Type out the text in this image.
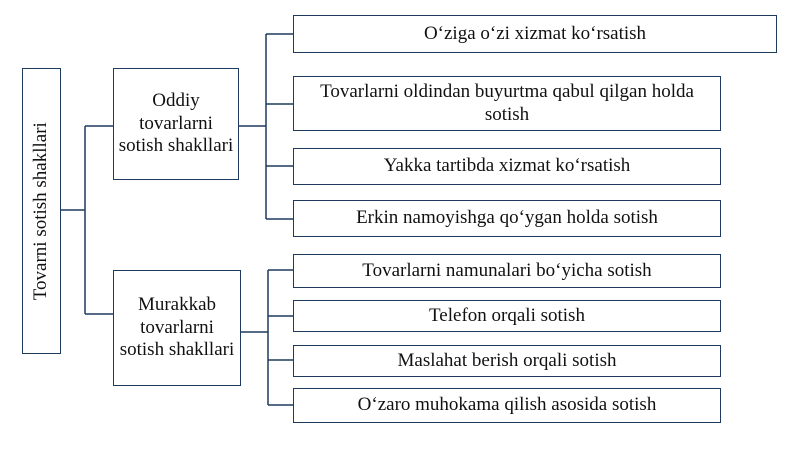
Tovarni sotish shakllari
Oddiy tovarlarni sotish shakllari
Murakkab tovarlarni sotish shakllari
O‘ziga o‘zi xizmat ko‘rsatish
Tovarlarni oldindan buyurtma qabul qilgan holda sotish
Yakka tartibda xizmat ko‘rsatish
Erkin namoyishga qo‘ygan holda sotish
Tovarlarni namunalari bo‘yicha sotish
Telefon orqali sotish
Maslahat berish orqali sotish
O‘zaro muhokama qilish asosida sotish
